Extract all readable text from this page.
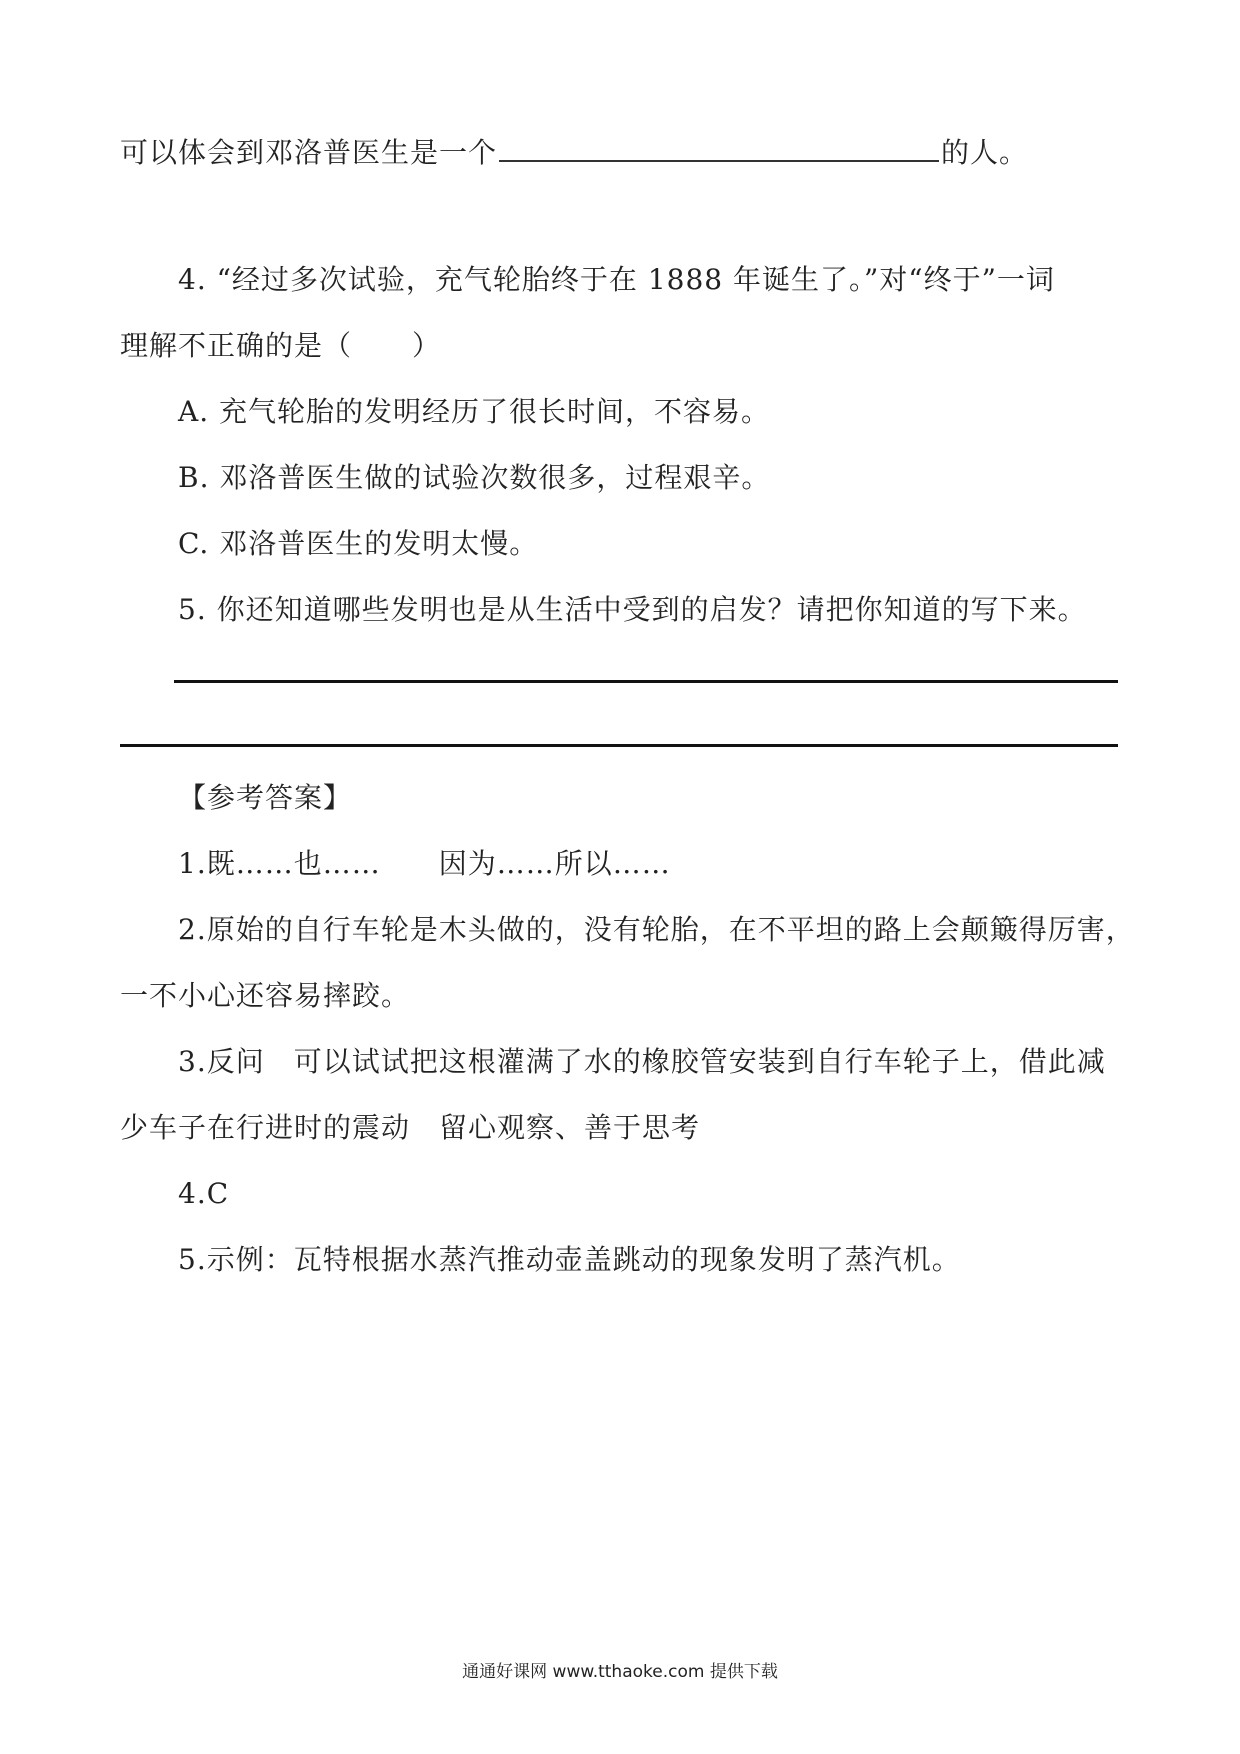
可以体会到邓洛普医生是一个	的人。
4. “经过多次试验，充气轮胎终于在 1888 年诞生了。”对“终于”一词
理解不正确的是（ ）
A. 充气轮胎的发明经历了很长时间，不容易。
B. 邓洛普医生做的试验次数很多，过程艰辛。
C. 邓洛普医生的发明太慢。
5. 你还知道哪些发明也是从生活中受到的启发？请把你知道的写下来。
【参考答案】
1.既……也……　　因为……所以……
2.原始的自行车轮是木头做的，没有轮胎，在不平坦的路上会颠簸得厉害，
一不小心还容易摔跤。
3.反问　可以试试把这根灌满了水的橡胶管安装到自行车轮子上，借此减
少车子在行进时的震动　留心观察、善于思考
4.C
5.示例：瓦特根据水蒸汽推动壶盖跳动的现象发明了蒸汽机。
通通好课网 www.tthaoke.com 提供下载
